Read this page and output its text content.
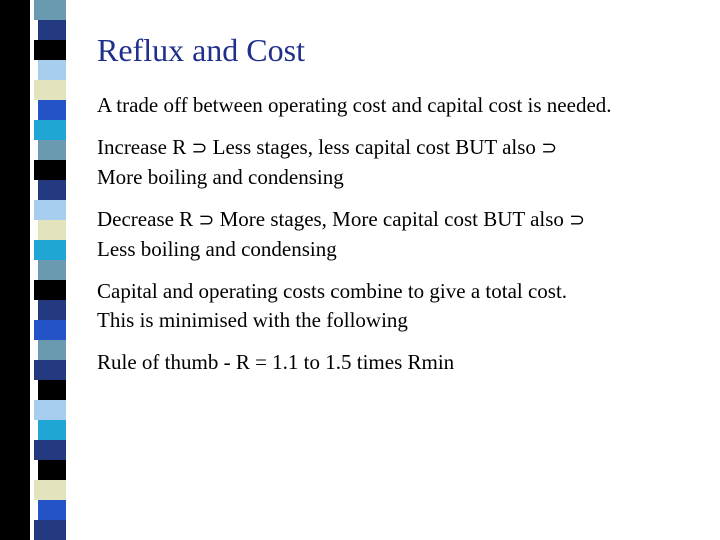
Reflux and Cost
A trade off between operating cost and capital cost is needed.
Increase R ⊃ Less stages, less capital cost BUT also ⊃
More boiling and condensing
Decrease R ⊃ More stages, More capital cost BUT also ⊃
Less boiling and condensing
Capital and operating costs combine to give a total cost.
This is minimised with the following
Rule of thumb - R = 1.1 to 1.5 times Rmin
